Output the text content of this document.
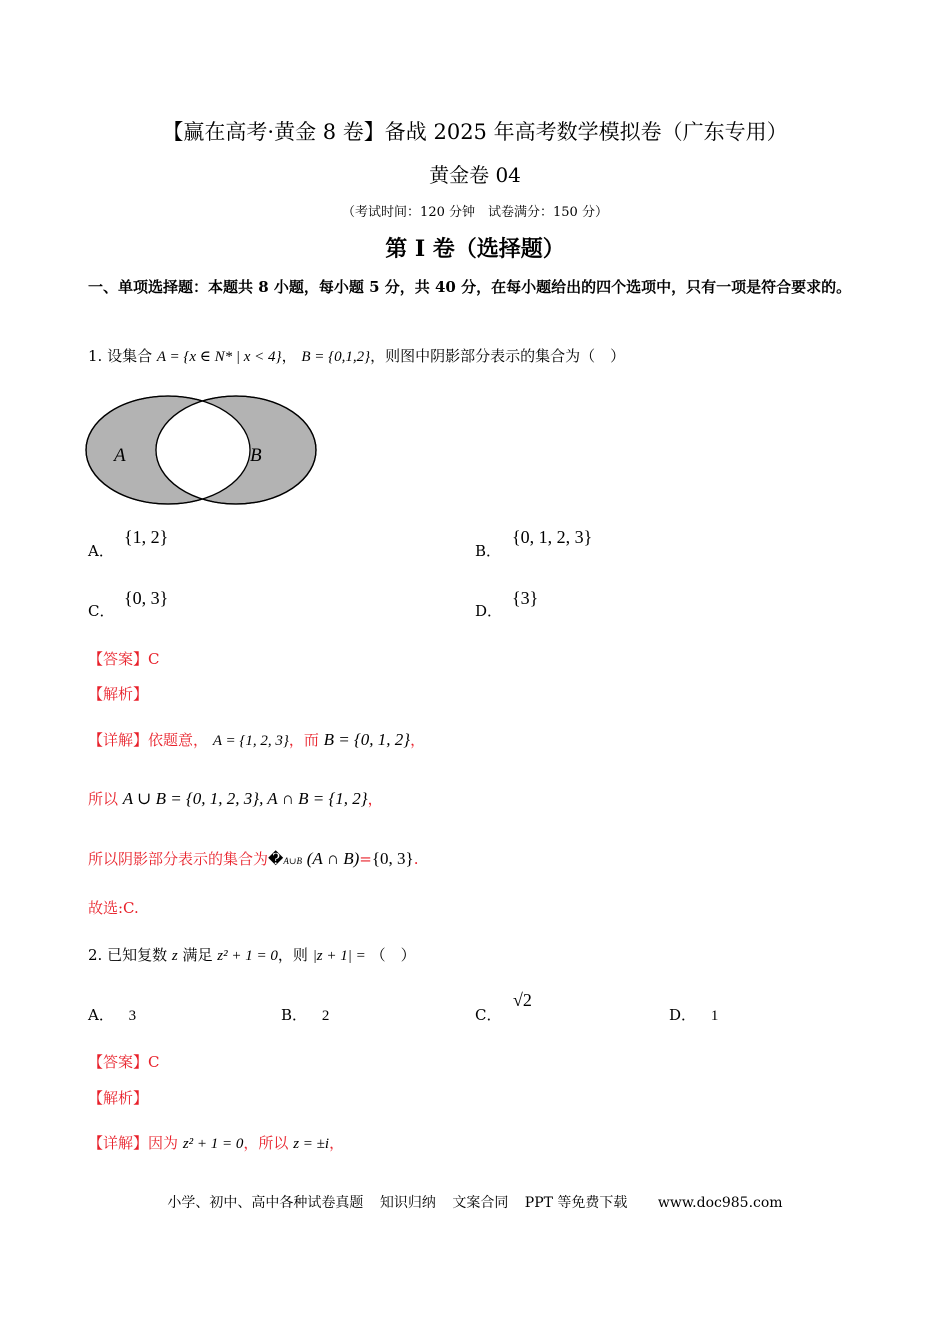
【赢在高考·黄金 8 卷】备战 2025 年高考数学模拟卷（广东专用）
黄金卷 04
（考试时间：120 分钟　试卷满分：150 分）
第 I 卷（选择题）
一、单项选择题：本题共 8 小题，每小题 5 分，共 40 分，在每小题给出的四个选项中，只有一项是符合要求的。
1. 设集合 A = {x ∈ N* | x < 4}， B = {0,1,2}，则图中阴影部分表示的集合为（　）
A	B
A．
{1, 2}
B．
{0, 1, 2, 3}
C．
{0, 3}
D．
{3}
【答案】C
【解析】
【详解】依题意， A = {1, 2, 3}，而 B = {0, 1, 2}，
所以 A ∪ B = {0, 1, 2, 3}, A ∩ B = {1, 2}，
所以阴影部分表示的集合为�A∪B (A ∩ B)={0, 3}.
故选:C.
2. 已知复数 z 满足 z² + 1 = 0，则 |z + 1| = （　）
A． 3	B． 2	C．
√2
D． 1
【答案】C
【解析】
【详解】因为 z² + 1 = 0，所以 z = ±i，
小学、初中、高中各种试卷真题 知识归纳 文案合同 PPT 等免费下载 www.doc985.com
